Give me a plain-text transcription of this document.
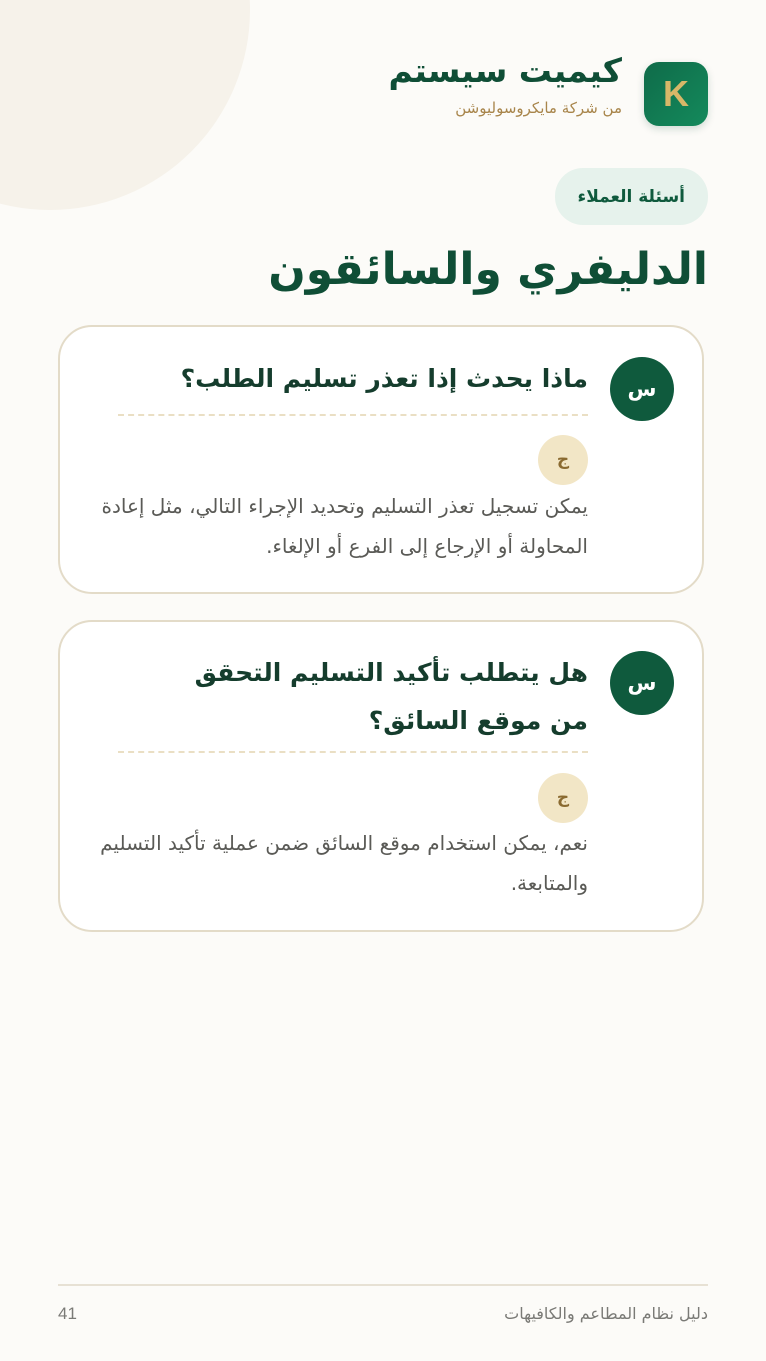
K
كيميت سيستم
من شركة مايكروسوليوشن
أسئلة العملاء
الدليفري والسائقون
س
ماذا يحدث إذا تعذر تسليم الطلب؟
ج

يمكن تسجيل تعذر التسليم وتحديد الإجراء التالي، مثل إعادة المحاولة أو الإرجاع إلى الفرع أو الإلغاء.

س
هل يتطلب تأكيد التسليم التحقق من موقع السائق؟
ج

نعم، يمكن استخدام موقع السائق ضمن عملية تأكيد التسليم والمتابعة.

دليل نظام المطاعم والكافيهات
41
